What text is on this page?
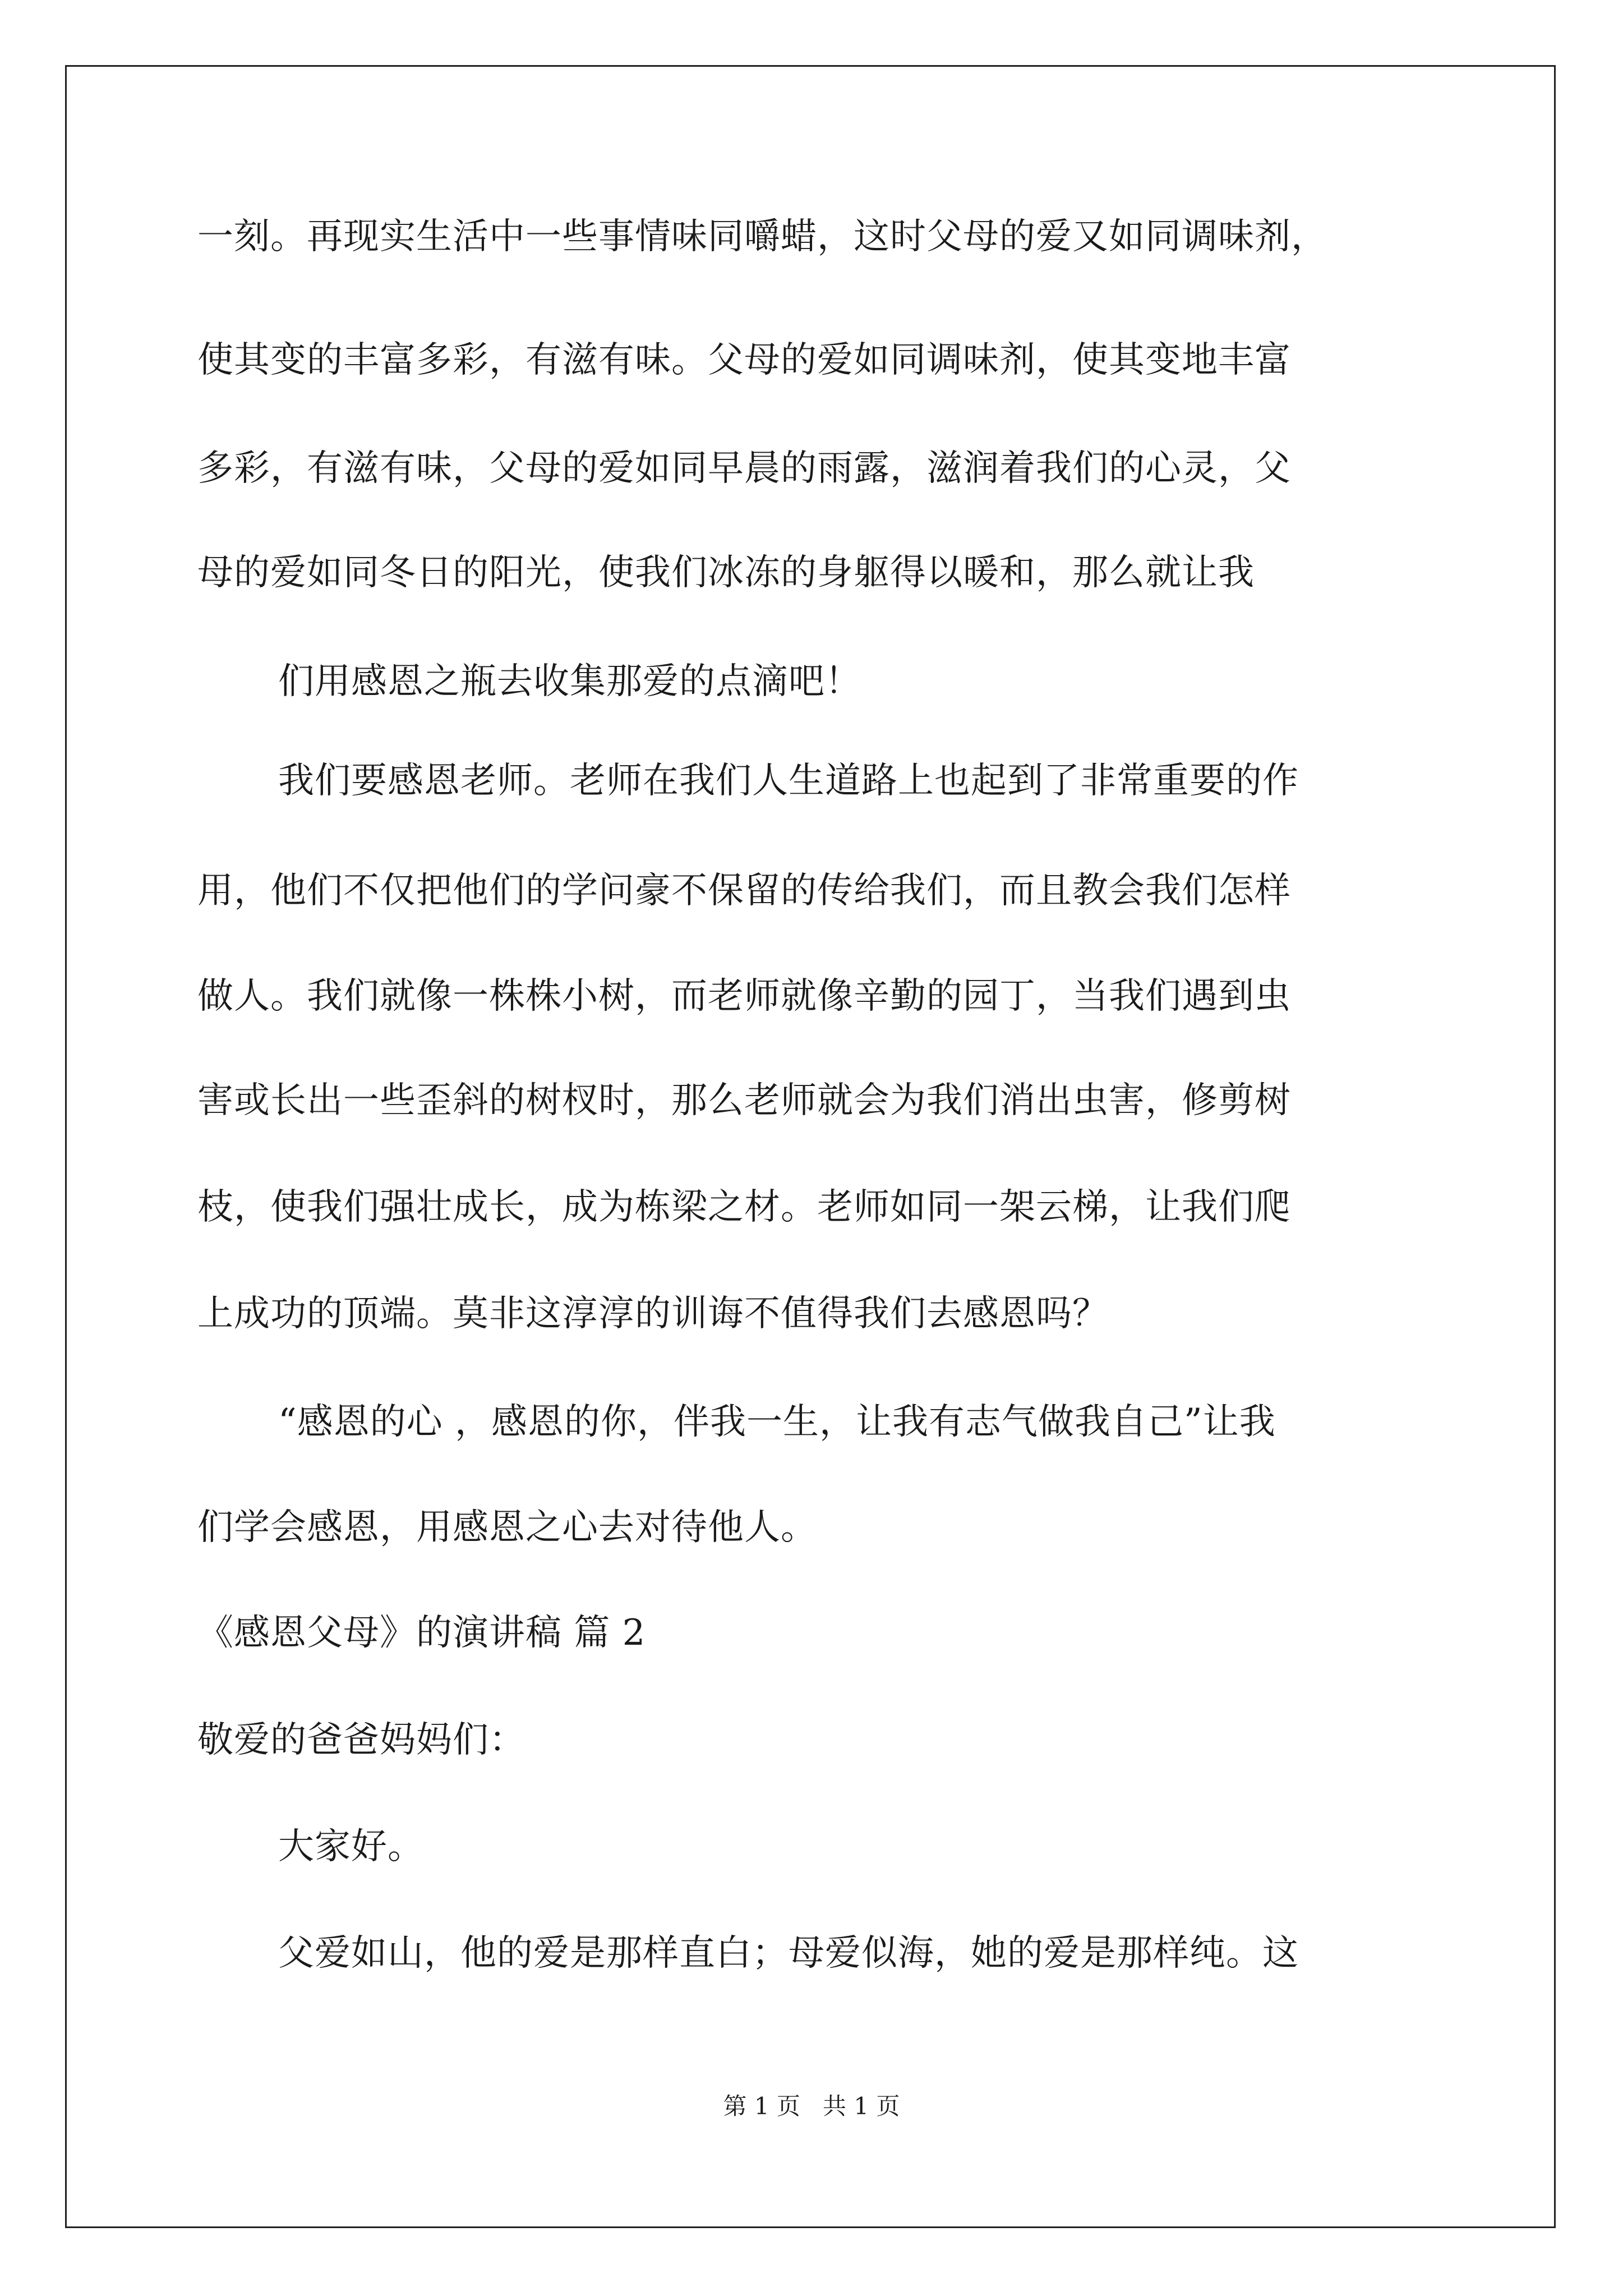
一刻。再现实生活中一些事情味同嚼蜡，这时父母的爱又如同调味剂，
使其变的丰富多彩，有滋有味。父母的爱如同调味剂，使其变地丰富
多彩，有滋有味，父母的爱如同早晨的雨露，滋润着我们的心灵，父
母的爱如同冬日的阳光，使我们冰冻的身躯得以暖和，那么就让我
们用感恩之瓶去收集那爱的点滴吧！
我们要感恩老师。老师在我们人生道路上也起到了非常重要的作
用，他们不仅把他们的学问豪不保留的传给我们，而且教会我们怎样
做人。我们就像一株株小树，而老师就像辛勤的园丁，当我们遇到虫
害或长出一些歪斜的树杈时，那么老师就会为我们消出虫害，修剪树
枝，使我们强壮成长，成为栋梁之材。老师如同一架云梯，让我们爬
上成功的顶端。莫非这淳淳的训诲不值得我们去感恩吗？
“感恩的心 ，感恩的你，伴我一生，让我有志气做我自己”让我
们学会感恩，用感恩之心去对待他人。
《感恩父母》的演讲稿 篇 2
敬爱的爸爸妈妈们：
大家好。
父爱如山，他的爱是那样直白；母爱似海，她的爱是那样纯。这
第 1 页   共 1 页
